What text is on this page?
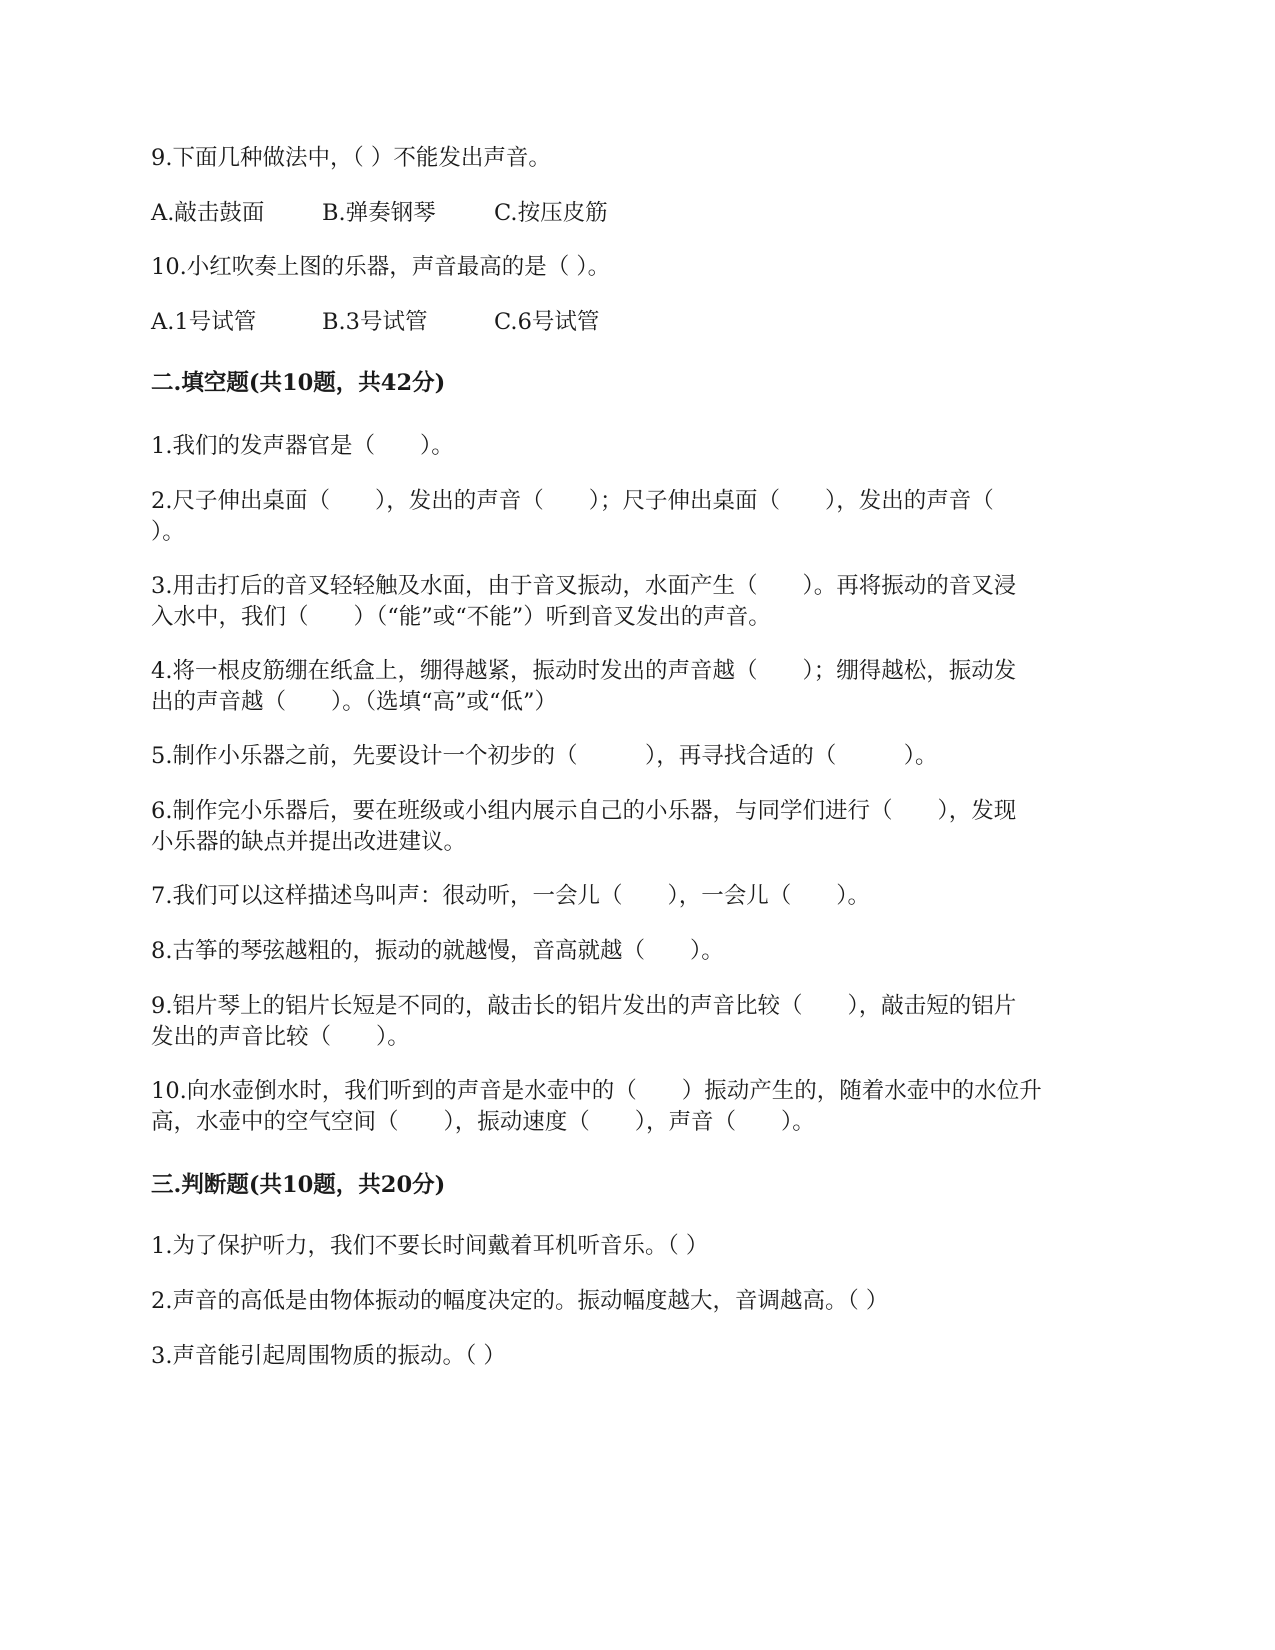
9.下面几种做法中，（ ）不能发出声音。
A.敲击鼓面	B.弹奏钢琴	C.按压皮筋
10.小红吹奏上图的乐器，声音最高的是（ ）。
A.1号试管	B.3号试管	C.6号试管
二.填空题(共10题，共42分)
1.我们的发声器官是（　　）。
2.尺子伸出桌面（　　），发出的声音（　　）；尺子伸出桌面（　　），发出的声音（
）。
3.用击打后的音叉轻轻触及水面，由于音叉振动，水面产生（　　）。再将振动的音叉浸
入水中，我们（　　）（“能”或“不能”）听到音叉发出的声音。
4.将一根皮筋绷在纸盒上，绷得越紧，振动时发出的声音越（　　）；绷得越松，振动发
出的声音越（　　）。（选填“高”或“低”）
5.制作小乐器之前，先要设计一个初步的（　　　），再寻找合适的（　　　）。
6.制作完小乐器后，要在班级或小组内展示自己的小乐器，与同学们进行（　　），发现
小乐器的缺点并提出改进建议。
7.我们可以这样描述鸟叫声：很动听，一会儿（　　），一会儿（　　）。
8.古筝的琴弦越粗的，振动的就越慢，音高就越（　　）。
9.铝片琴上的铝片长短是不同的，敲击长的铝片发出的声音比较（　　），敲击短的铝片
发出的声音比较（　　）。
10.向水壶倒水时，我们听到的声音是水壶中的（　　）振动产生的，随着水壶中的水位升
高，水壶中的空气空间（　　），振动速度（　　），声音（　　）。
三.判断题(共10题，共20分)
1.为了保护听力，我们不要长时间戴着耳机听音乐。（ ）
2.声音的高低是由物体振动的幅度决定的。振动幅度越大，音调越高。（ ）
3.声音能引起周围物质的振动。（ ）
